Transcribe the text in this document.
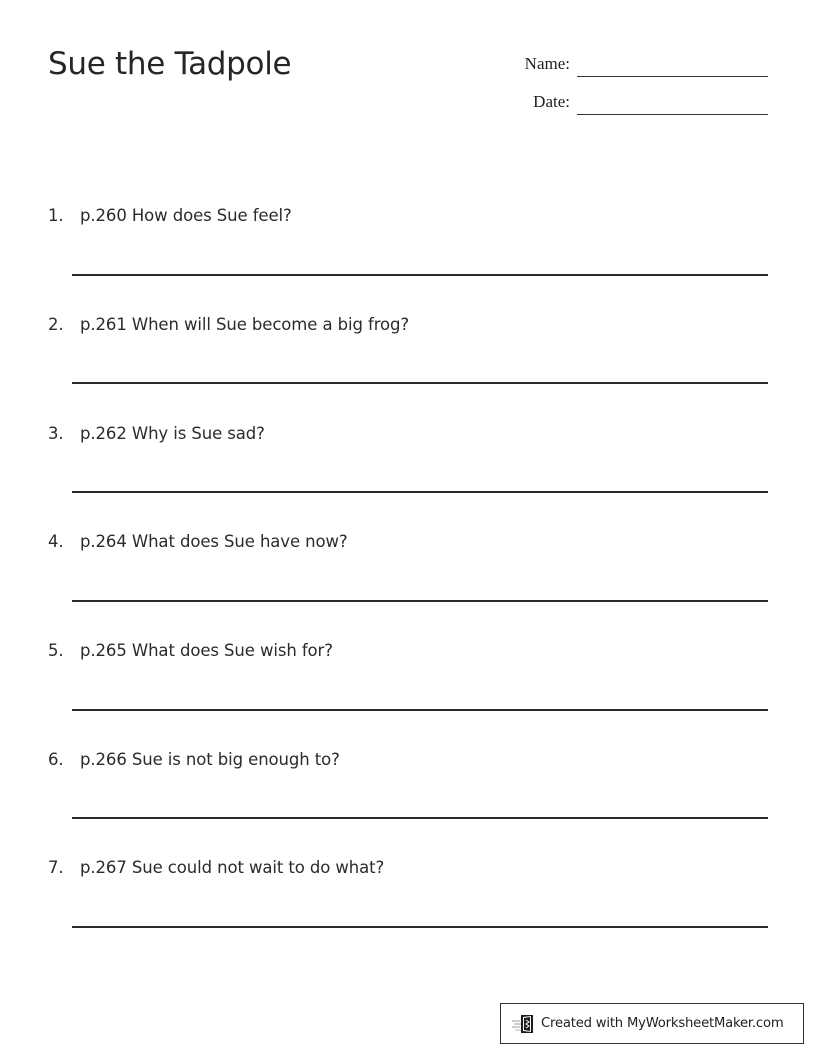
Sue the Tadpole	Name:
Date:
1. p.260 How does Sue feel?
2. p.261 When will Sue become a big frog?
3. p.262 Why is Sue sad?
4. p.264 What does Sue have now?
5. p.265 What does Sue wish for?
6. p.266 Sue is not big enough to?
7. p.267 Sue could not wait to do what?
Created with MyWorksheetMaker.com
